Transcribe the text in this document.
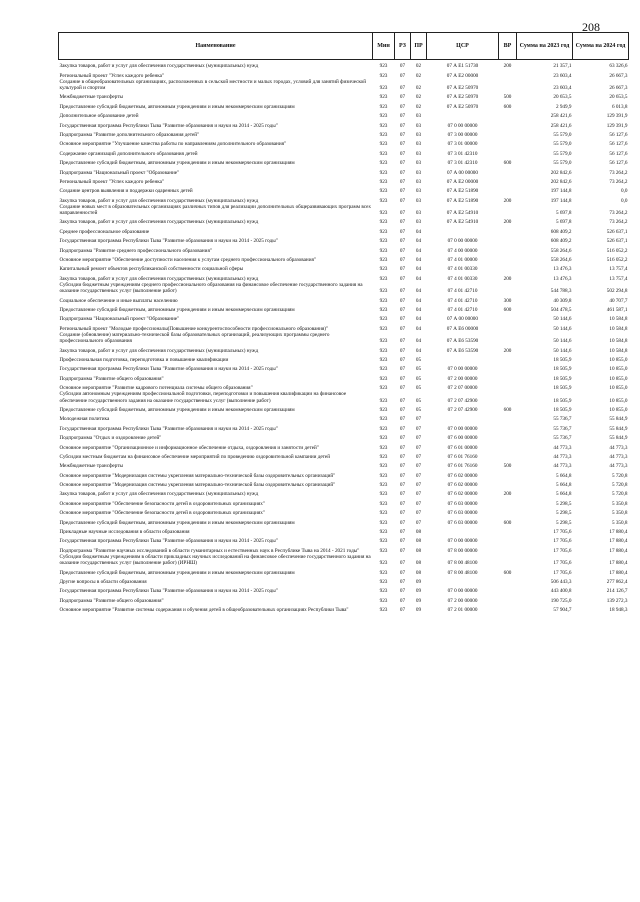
208
Наименование	Мин	РЗ	ПР	ЦСР	ВР	Сумма на 2023 год	Сумма на 2024 год
Закупка товаров, работ и услуг для обеспечения государственных (муниципальных) нужд	923	07	02	07 А Е1 51730	200	21 357,1	63 326,6
Региональный проект "Успех каждого ребенка"	923	07	02	07 А Е2 00000		23 603,4	26 667,3
Создание в общеобразовательных организациях, расположенных в сельской местности и малых городах, условий для занятий физической культурой и спортом	923	07	02	07 А Е2 50970		23 603,4	26 667,3
Межбюджетные трансферты	923	07	02	07 А Е2 50970	500	20 653,5	20 653,5
Предоставление субсидий бюджетным, автономным учреждениям и иным некоммерческим организациям	923	07	02	07 А Е2 50970	600	2 949,9	6 013,8
Дополнительное образование детей	923	07	03			258 421,6	129 391,9
Государственная программа Республики Тыва "Развитие образования и науки на 2014 - 2025 годы"	923	07	03	07 0 00 00000		258 421,6	129 391,9
Подпрограмма "Развитие дополнительного образования детей"	923	07	03	07 3 00 00000		55 579,0	56 127,6
Основное мероприятие "Улучшение качества работы по направлениям дополнительного образования"	923	07	03	07 3 01 00000		55 579,0	56 127,6
Содержание организаций дополнительного образования детей	923	07	03	07 3 01 42310		55 579,0	56 127,6
Предоставление субсидий бюджетным, автономным учреждениям и иным некоммерческим организациям	923	07	03	07 3 01 42310	600	55 579,0	56 127,6
Подпрограмма "Национальный проект "Образование"	923	07	03	07 А 00 00000		202 842,6	73 264,2
Региональный проект "Успех каждого ребенка"	923	07	03	07 А Е2 00000		202 842,6	73 264,2
Создание центров выявления и поддержки одаренных детей	923	07	03	07 А Е2 51890		197 144,8	0,0
Закупка товаров, работ и услуг для обеспечения государственных (муниципальных) нужд	923	07	03	07 А Е2 51890	200	197 144,8	0,0
Создание новых мест в образовательных организациях различных типов для реализации дополнительных общеразвивающих программ всех направленностей	923	07	03	07 А Е2 54910		5 697,8	73 264,2
Закупка товаров, работ и услуг для обеспечения государственных (муниципальных) нужд	923	07	03	07 А Е2 54910	200	5 697,8	73 264,2
Среднее профессиональное образование	923	07	04			608 409,2	526 637,1
Государственная программа Республики Тыва "Развитие образования и науки на 2014 - 2025 годы"	923	07	04	07 0 00 00000		608 409,2	526 637,1
Подпрограмма "Развитие среднего профессионального образования"	923	07	04	07 4 00 00000		558 264,6	516 052,2
Основное мероприятие "Обеспечение доступности населения к услугам среднего профессионального образования"	923	07	04	07 4 01 00000		558 264,6	516 052,2
Капитальный ремонт объектов республиканской собственности социальной сферы	923	07	04	07 4 01 00330		13 476,3	13 757,4
Закупка товаров, работ и услуг для обеспечения государственных (муниципальных) нужд	923	07	04	07 4 01 00330	200	13 476,3	13 757,4
Субсидии бюджетным учреждениям среднего профессионального образования на финансовое обеспечение государственного задания на оказание государственных услуг (выполнение работ)	923	07	04	07 4 01 42710		544 788,3	502 294,8
Социальное обеспечение и иные выплаты населению	923	07	04	07 4 01 42710	300	40 309,8	40 707,7
Предоставление субсидий бюджетным, автономным учреждениям и иным некоммерческим организациям	923	07	04	07 4 01 42710	600	504 478,5	461 587,1
Подпрограмма "Национальный проект "Образование"	923	07	04	07 А 00 00000		50 144,6	10 584,8
Региональный проект "Молодые профессионалы(Повышение конкурентоспособности профессионального образования)"	923	07	04	07 А Е6 00000		50 144,6	10 584,8
Создание (обновление) материально-технической базы образовательных организаций, реализующих программы среднего профессионального образования	923	07	04	07 А Е6 53590		50 144,6	10 584,8
Закупка товаров, работ и услуг для обеспечения государственных (муниципальных) нужд	923	07	04	07 А Е6 53590	200	50 144,6	10 584,8
Профессиональная подготовка, переподготовка и повышение квалификации	923	07	05			18 505,9	10 855,0
Государственная программа Республики Тыва "Развитие образования и науки на 2014 - 2025 годы"	923	07	05	07 0 00 00000		18 505,9	10 855,0
Подпрограмма "Развитие общего образования"	923	07	05	07 2 00 00000		18 505,9	10 855,0
Основное мероприятие "Развитие кадрового потенциала системы общего образования"	923	07	05	07 2 07 00000		18 505,9	10 855,0
Субсидии автономным учреждениям профессиональной подготовки, переподготовки и повышения квалификации на финансовое обеспечение государственного задания на оказание государственных услуг (выполнение работ)	923	07	05	07 2 07 42900		18 505,9	10 855,0
Предоставление субсидий бюджетным, автономным учреждениям и иным некоммерческим организациям	923	07	05	07 2 07 42900	600	18 505,9	10 855,0
Молодежная политика	923	07	07			55 736,7	55 844,9
Государственная программа Республики Тыва "Развитие образования и науки на 2014 - 2025 годы"	923	07	07	07 0 00 00000		55 736,7	55 844,9
Подпрограмма "Отдых и оздоровление детей"	923	07	07	07 6 00 00000		55 736,7	55 844,9
Основное мероприятие "Организационное и информационное обеспечение отдыха, оздоровления и занятости детей"	923	07	07	07 6 01 00000		44 773,3	44 773,3
Субсидии местным бюджетам на финансовое обеспечение мероприятий по проведению оздоровительной кампании детей	923	07	07	07 6 01 76160		44 773,3	44 773,3
Межбюджетные трансферты	923	07	07	07 6 01 76160	500	44 773,3	44 773,3
Основное мероприятие "Модернизация системы укрепления материально-технической базы оздоровительных организаций"	923	07	07	07 6 02 00000		5 664,8	5 720,8
Основное мероприятие "Модернизация системы укрепления материально-технической базы оздоровительных организаций"	923	07	07	07 6 02 00000		5 664,8	5 720,8
Закупка товаров, работ и услуг для обеспечения государственных (муниципальных) нужд	923	07	07	07 6 02 00000	200	5 664,8	5 720,8
Основное мероприятие "Обеспечение безопасности детей в оздоровительных организациях"	923	07	07	07 6 03 00000		5 298,5	5 350,8
Основное мероприятие "Обеспечение безопасности детей в оздоровительных организациях"	923	07	07	07 6 03 00000		5 298,5	5 350,8
Предоставление субсидий бюджетным, автономным учреждениям и иным некоммерческим организациям	923	07	07	07 6 03 00000	600	5 298,5	5 350,8
Прикладные научные исследования в области образования	923	07	08			17 705,6	17 880,4
Государственная программа Республики Тыва "Развитие образования и науки на 2014 - 2025 годы"	923	07	08	07 0 00 00000		17 705,6	17 880,4
Подпрограмма "Развитие научных исследований в области гуманитарных и естественных наук в Республике Тыва на 2014 - 2021 годы"	923	07	08	07 8 00 00000		17 705,6	17 880,4
Субсидии бюджетным учреждениям в области прикладных научных исследований на финансовое обеспечение государственного задания на оказание государственных услуг (выполнение работ) (ИРНШ)	923	07	08	07 8 00 48100		17 705,6	17 880,4
Предоставление субсидий бюджетным, автономным учреждениям и иным некоммерческим организациям	923	07	08	07 8 00 48100	600	17 705,6	17 880,4
Другие вопросы в области образования	923	07	09			506 443,3	277 862,4
Государственная программа Республики Тыва "Развитие образования и науки на 2014 - 2025 годы"	923	07	09	07 0 00 00000		443 400,8	214 126,7
Подпрограмма "Развитие общего образования"	923	07	09	07 2 00 00000		190 725,0	139 272,3
Основное мероприятие "Развитие системы содержания и обучения детей в общеобразовательных организациях Республики Тыва"	923	07	09	07 2 01 00000		57 904,7	18 948,3
